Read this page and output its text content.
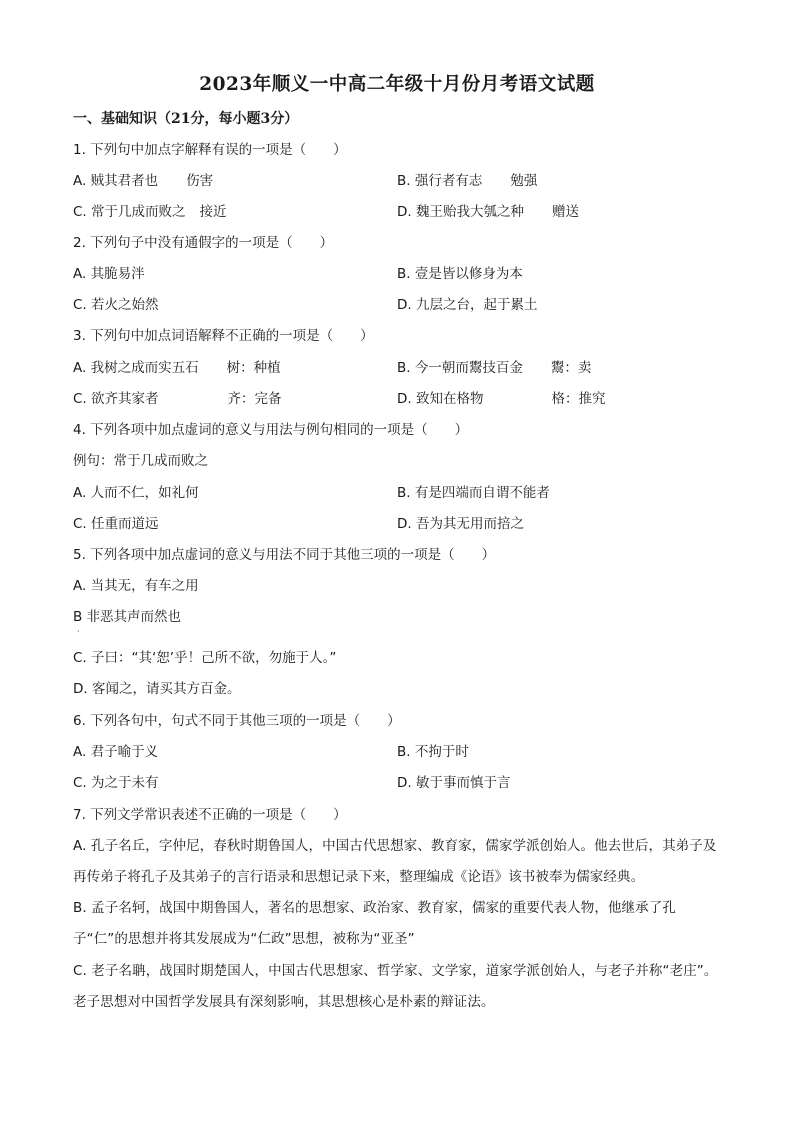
2023年顺义一中高二年级十月份月考语文试题
一、基础知识（21分，每小题3分）
1. 下列句中加点字解释有误的一项是（　　）
A. 贼其君者也 伤害	B. 强行者有志 勉强
C. 常于几成而败之 接近	D. 魏王贻我大瓠之种 赠送
2. 下列句子中没有通假字的一项是（　　）
A. 其脆易泮	B. 壹是皆以修身为本
C. 若火之始然	D. 九层之台，起于累土
3. 下列句中加点词语解释不正确的一项是（　　）
A. 我树之成而实五石 树：种植	B. 今一朝而鬻技百金 鬻：卖
C. 欲齐其家者	齐：完备	D. 致知在格物	格：推究
4. 下列各项中加点虚词的意义与用法与例句相同的一项是（　　）
例句：常于几成而败之
A. 人而不仁，如礼何	B. 有是四端而自谓不能者
C. 任重而道远	D. 吾为其无用而掊之
5. 下列各项中加点虚词的意义与用法不同于其他三项的一项是（　　）
A. 当其无，有车之用
B 非恶其声而然也
·
C. 子曰：“其‘恕’乎！己所不欲，勿施于人。”
D. 客闻之，请买其方百金。
6. 下列各句中，句式不同于其他三项的一项是（　　）
A. 君子喻于义	B. 不拘于时
C. 为之于未有	D. 敏于事而慎于言
7. 下列文学常识表述不正确的一项是（　　）
A. 孔子名丘，字仲尼，春秋时期鲁国人，中国古代思想家、教育家，儒家学派创始人。他去世后，其弟子及再传弟子将孔子及其弟子的言行语录和思想记录下来，整理编成《论语》该书被奉为儒家经典。
B. 孟子名轲，战国中期鲁国人，著名的思想家、政治家、教育家，儒家的重要代表人物，他继承了孔子“仁”的思想并将其发展成为“仁政”思想，被称为“亚圣”
C. 老子名聃，战国时期楚国人，中国古代思想家、哲学家、文学家，道家学派创始人，与老子并称“老庄”。老子思想对中国哲学发展具有深刻影响，其思想核心是朴素的辩证法。
